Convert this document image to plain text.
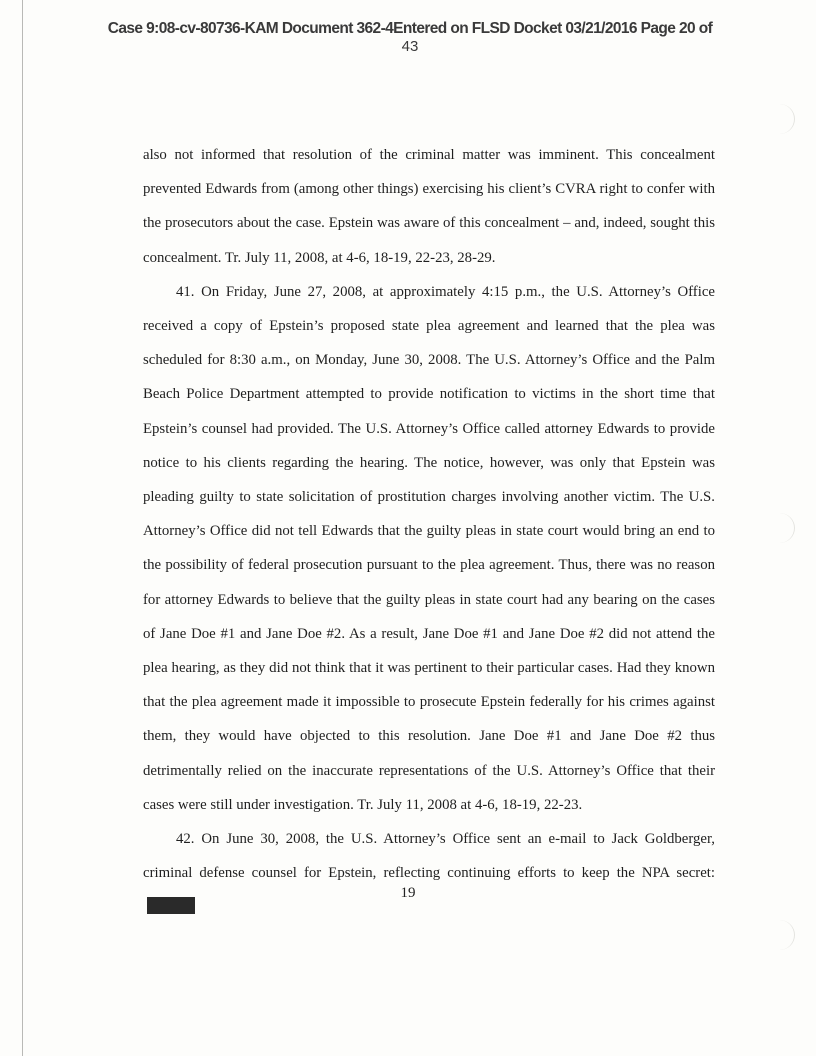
Case 9:08-cv-80736-KAM Document 362-4Entered on FLSD Docket 03/21/2016 Page 20 of
43

also not informed that resolution of the criminal matter was imminent. This concealment prevented Edwards from (among other things) exercising his client’s CVRA right to confer with the prosecutors about the case. Epstein was aware of this concealment – and, indeed, sought this concealment. Tr. July 11, 2008, at 4-6, 18-19, 22-23, 28-29.

41. On Friday, June 27, 2008, at approximately 4:15 p.m., the U.S. Attorney’s Office received a copy of Epstein’s proposed state plea agreement and learned that the plea was scheduled for 8:30 a.m., on Monday, June 30, 2008. The U.S. Attorney’s Office and the Palm Beach Police Department attempted to provide notification to victims in the short time that Epstein’s counsel had provided. The U.S. Attorney’s Office called attorney Edwards to provide notice to his clients regarding the hearing. The notice, however, was only that Epstein was pleading guilty to state solicitation of prostitution charges involving another victim. The U.S. Attorney’s Office did not tell Edwards that the guilty pleas in state court would bring an end to the possibility of federal prosecution pursuant to the plea agreement. Thus, there was no reason for attorney Edwards to believe that the guilty pleas in state court had any bearing on the cases of Jane Doe #1 and Jane Doe #2. As a result, Jane Doe #1 and Jane Doe #2 did not attend the plea hearing, as they did not think that it was pertinent to their particular cases. Had they known that the plea agreement made it impossible to prosecute Epstein federally for his crimes against them, they would have objected to this resolution. Jane Doe #1 and Jane Doe #2 thus detrimentally relied on the inaccurate representations of the U.S. Attorney’s Office that their cases were still under investigation. Tr. July 11, 2008 at 4-6, 18-19, 22-23.

42. On June 30, 2008, the U.S. Attorney’s Office sent an e-mail to Jack Goldberger, criminal defense counsel for Epstein, reflecting continuing efforts to keep the NPA secret:

19
